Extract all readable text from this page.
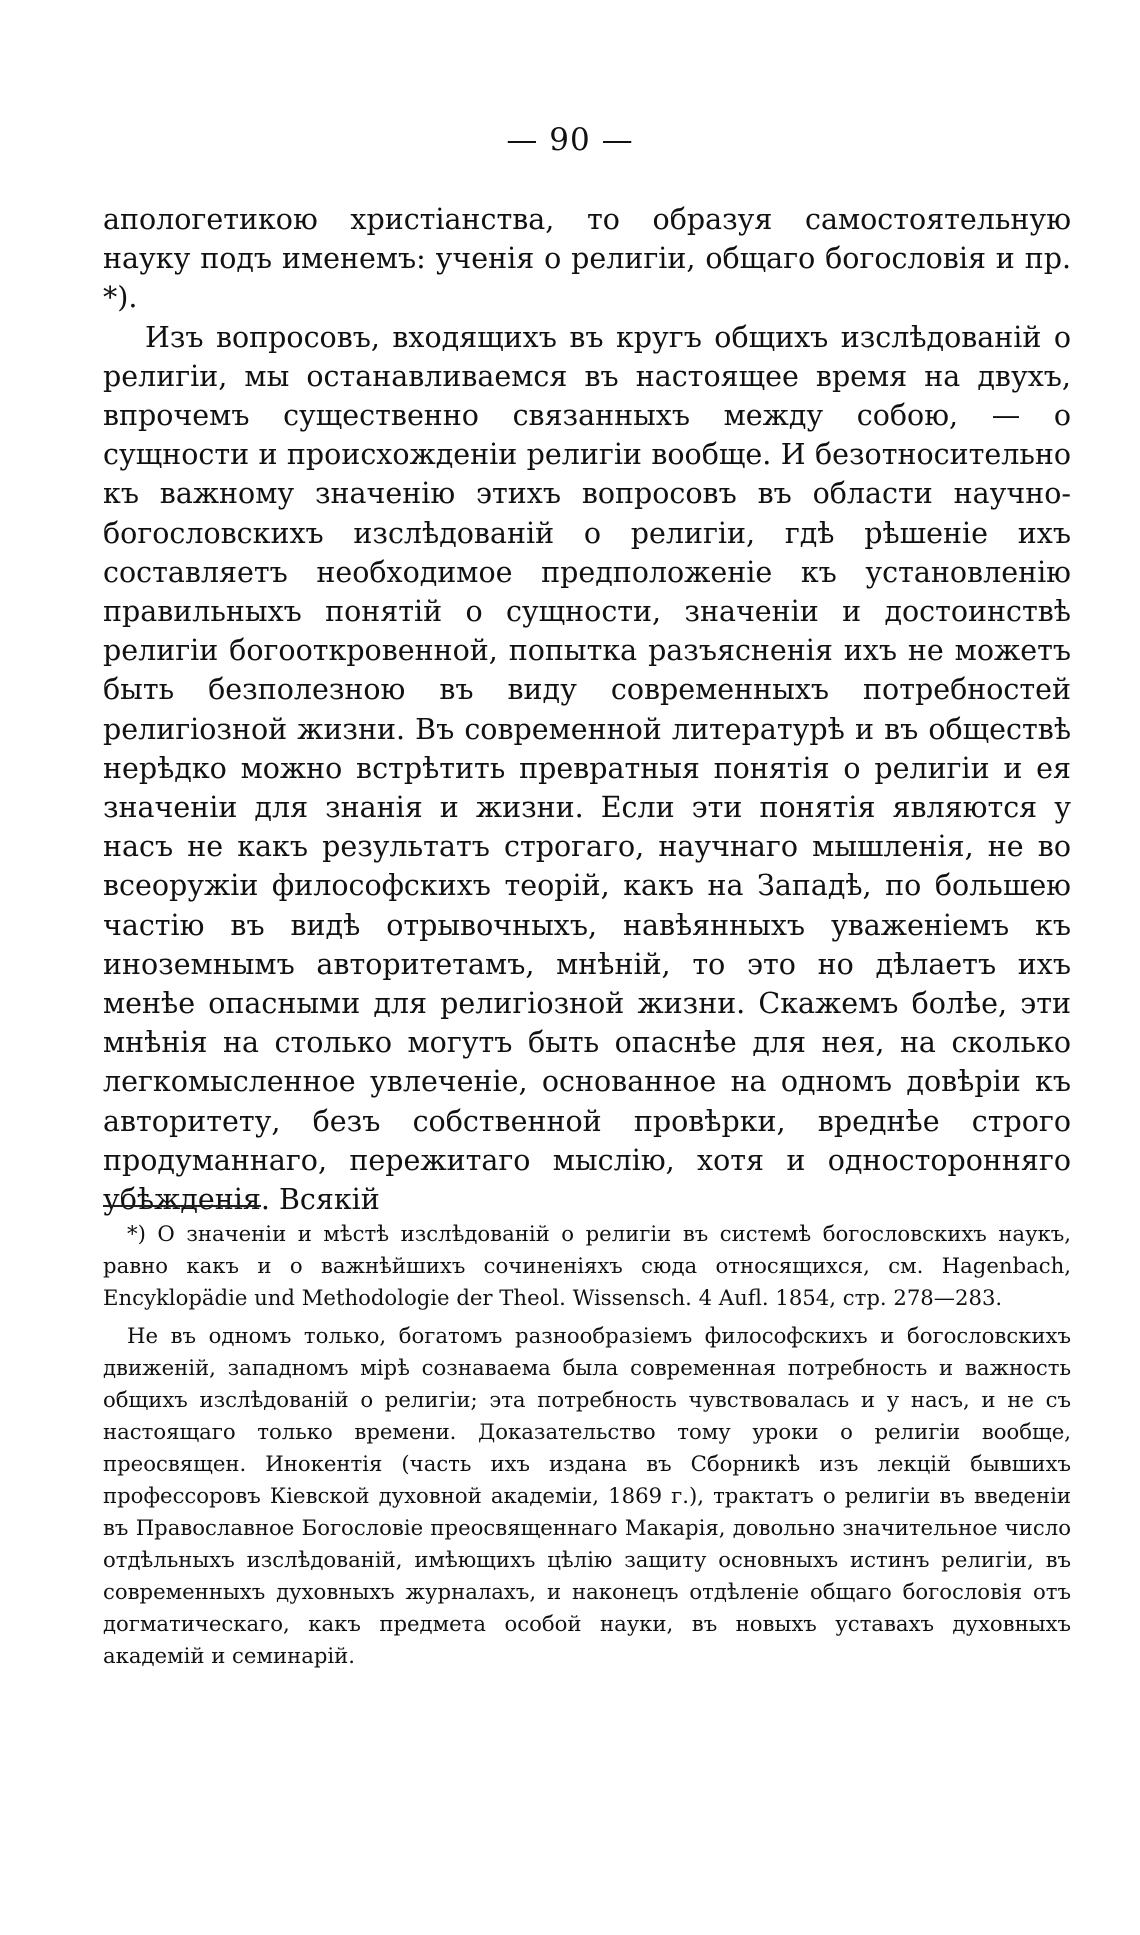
— 90 —

апологетикою христіанства, то образуя самостоятельную науку подъ именемъ: ученія о религіи, общаго богословія и пр. *).

Изъ вопросовъ, входящихъ въ кругъ общихъ изслѣдованій о религіи, мы останавливаемся въ настоящее время на двухъ, впрочемъ существенно связанныхъ между собою, — о сущности и происхожденіи религіи вообще. И безотносительно къ важному значенію этихъ вопросовъ въ области научно-богословскихъ изслѣдованій о религіи, гдѣ рѣшеніе ихъ составляетъ необходимое предположеніе къ установленію правильныхъ понятій о сущности, значеніи и достоинствѣ религіи богооткровенной, попытка разъясненія ихъ не можетъ быть безполезною въ виду современныхъ потребностей религіозной жизни. Въ современной литературѣ и въ обществѣ нерѣдко можно встрѣтить превратныя понятія о религіи и ея значеніи для знанія и жизни. Если эти понятія являются у насъ не какъ результатъ строгаго, научнаго мышленія, не во всеоружіи философскихъ теорій, какъ на Западѣ, по большею частію въ видѣ отрывочныхъ, навѣянныхъ уваженіемъ къ иноземнымъ авторитетамъ, мнѣній, то это но дѣлаетъ ихъ менѣе опасными для религіозной жизни. Скажемъ болѣе, эти мнѣнія на столько могутъ быть опаснѣе для нея, на сколько легкомысленное увлеченіе, основанное на одномъ довѣріи къ авторитету, безъ собственной провѣрки, вреднѣе строго продуманнаго, пережитаго мыслію, хотя и односторонняго убѣжденія. Всякій

*) О значеніи и мѣстѣ изслѣдованій о религіи въ системѣ богословскихъ наукъ, равно какъ и о важнѣйшихъ сочиненіяхъ сюда относящихся, см. Hagenbach, Encyklopädie und Methodologie der Theol. Wissensch. 4 Aufl. 1854, стр. 278—283.

Не въ одномъ только, богатомъ разнообразіемъ философскихъ и богословскихъ движеній, западномъ мірѣ сознаваема была современная потребность и важность общихъ изслѣдованій о религіи; эта потребность чувствовалась и у насъ, и не съ настоящаго только времени. Доказательство тому уроки о религіи вообще, преосвящен. Инокентія (часть ихъ издана въ Сборникѣ изъ лекцій бывшихъ профессоровъ Кіевской духовной академіи, 1869 г.), трактатъ о религіи въ введеніи въ Православное Богословіе преосвященнаго Макарія, довольно значительное число отдѣльныхъ изслѣдованій, имѣющихъ цѣлію защиту основныхъ истинъ религіи, въ современныхъ духовныхъ журналахъ, и наконецъ отдѣленіе общаго богословія отъ догматическаго, какъ предмета особой науки, въ новыхъ уставахъ духовныхъ академій и семинарій.
